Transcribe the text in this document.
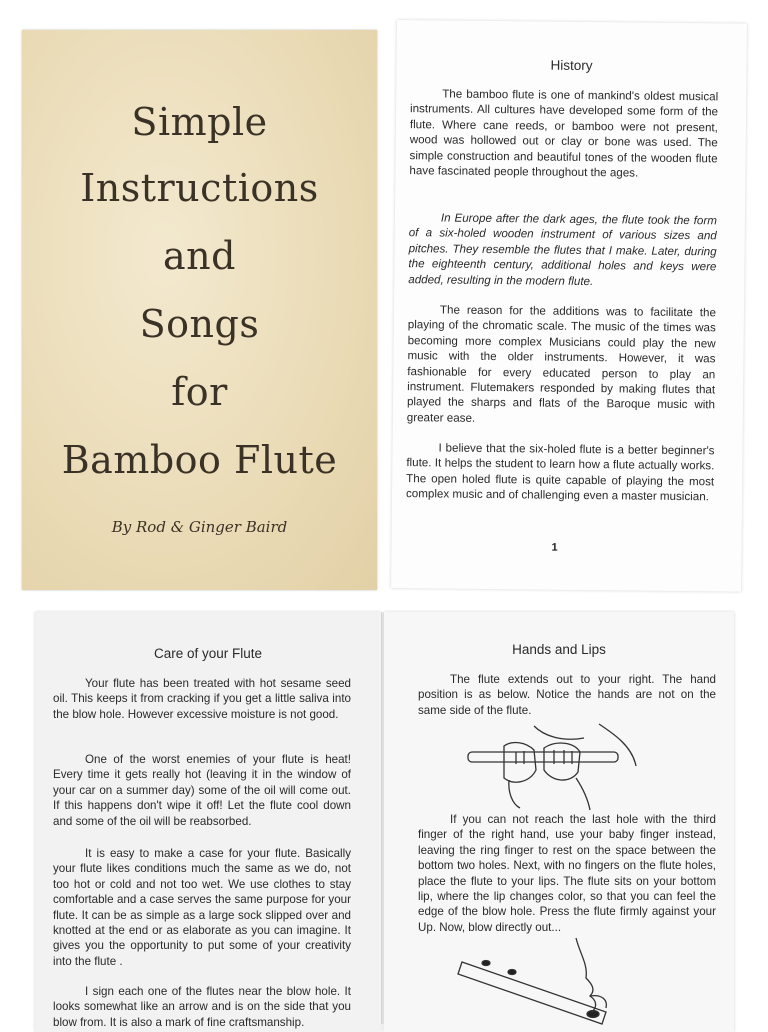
Simple
Instructions
and
Songs
for
Bamboo Flute
By Rod & Ginger Baird
History

The bamboo flute is one of mankind's oldest musical instruments. All cultures have developed some form of the flute. Where cane reeds, or bamboo were not present, wood was hollowed out or clay or bone was used. The simple construction and beautiful tones of the wooden flute have fascinated people throughout the ages.

In Europe after the dark ages, the flute took the form of a six-holed wooden instrument of various sizes and pitches. They resemble the flutes that I make. Later, during the eighteenth century, additional holes and keys were added, resulting in the modern flute.

The reason for the additions was to facilitate the playing of the chromatic scale. The music of the times was becoming more complex Musicians could play the new music with the older instruments. However, it was fashionable for every educated person to play an instrument. Flutemakers responded by making flutes that played the sharps and flats of the Baroque music with greater ease.

I believe that the six-holed flute is a better beginner's flute. It helps the student to learn how a flute actually works. The open holed flute is quite capable of playing the most complex music and of challenging even a master musician.

1
Care of your Flute

Your flute has been treated with hot sesame seed oil. This keeps it from cracking if you get a little saliva into the blow hole. However excessive moisture is not good.

One of the worst enemies of your flute is heat! Every time it gets really hot (leaving it in the window of your car on a summer day) some of the oil will come out. If this happens don't wipe it off! Let the flute cool down and some of the oil will be reabsorbed.

It is easy to make a case for your flute. Basically your flute likes conditions much the same as we do, not too hot or cold and not too wet. We use clothes to stay comfortable and a case serves the same purpose for your flute. It can be as simple as a large sock slipped over and knotted at the end or as elaborate as you can imagine. It gives you the opportunity to put some of your creativity into the flute .

I sign each one of the flutes near the blow hole. It looks somewhat like an arrow and is on the side that you blow from. It is also a mark of fine craftsmanship.

Hands and Lips

The flute extends out to your right. The hand position is as below. Notice the hands are not on the same side of the flute.

If you can not reach the last hole with the third finger of the right hand, use your baby finger instead, leaving the ring finger to rest on the space between the bottom two holes. Next, with no fingers on the flute holes, place the flute to your lips. The flute sits on your bottom lip, where the lip changes color, so that you can feel the edge of the blow hole. Press the flute firmly against your Up. Now, blow directly out...
